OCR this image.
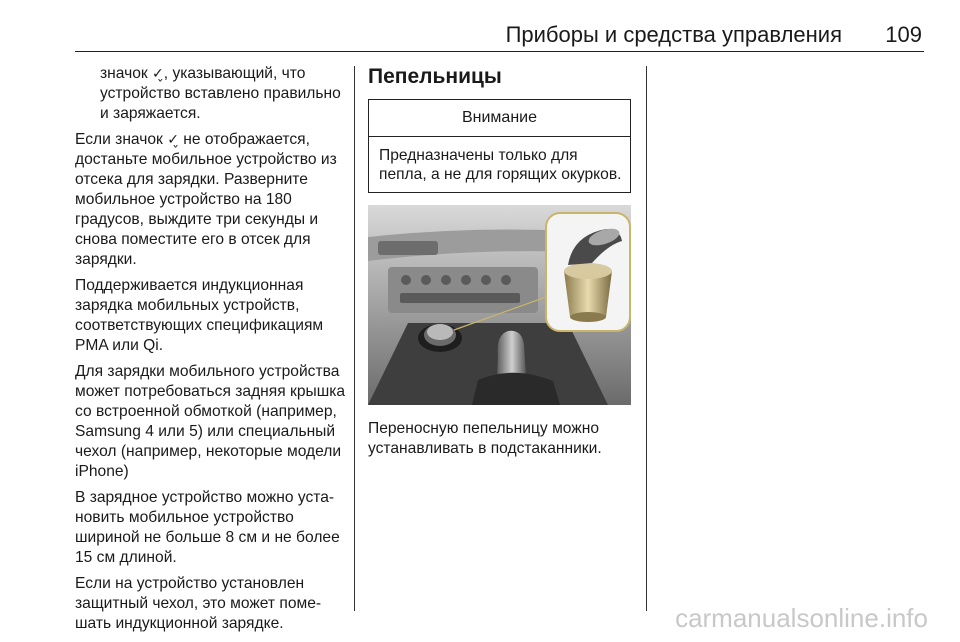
Приборы и средства управления 109

значок ✓̬, указывающий, что устройство вставлено правильно и заряжается.

Если значок ✓̬ не отображается, достаньте мобильное устройство из отсека для зарядки. Разверните мобильное устройство на 180 градусов, выждите три секунды и снова поместите его в отсек для зарядки.

Поддерживается индукционная зарядка мобильных устройств, соответствующих спецификациям PMA или Qi.

Для зарядки мобильного устройства может потребоваться задняя крышка со встроенной обмоткой (например, Samsung 4 или 5) или специальный чехол (например, некоторые модели iPhone)

В зарядное устройство можно установить мобильное устройство шириной не больше 8 см и не более 15 см длиной.

Если на устройство установлен защитный чехол, это может помешать индукционной зарядке.

Пепельницы
Внимание
Предназначены только для пепла, а не для горящих окурков.
Переносную пепельницу можно устанавливать в подстаканники.
carmanualsonline.info
